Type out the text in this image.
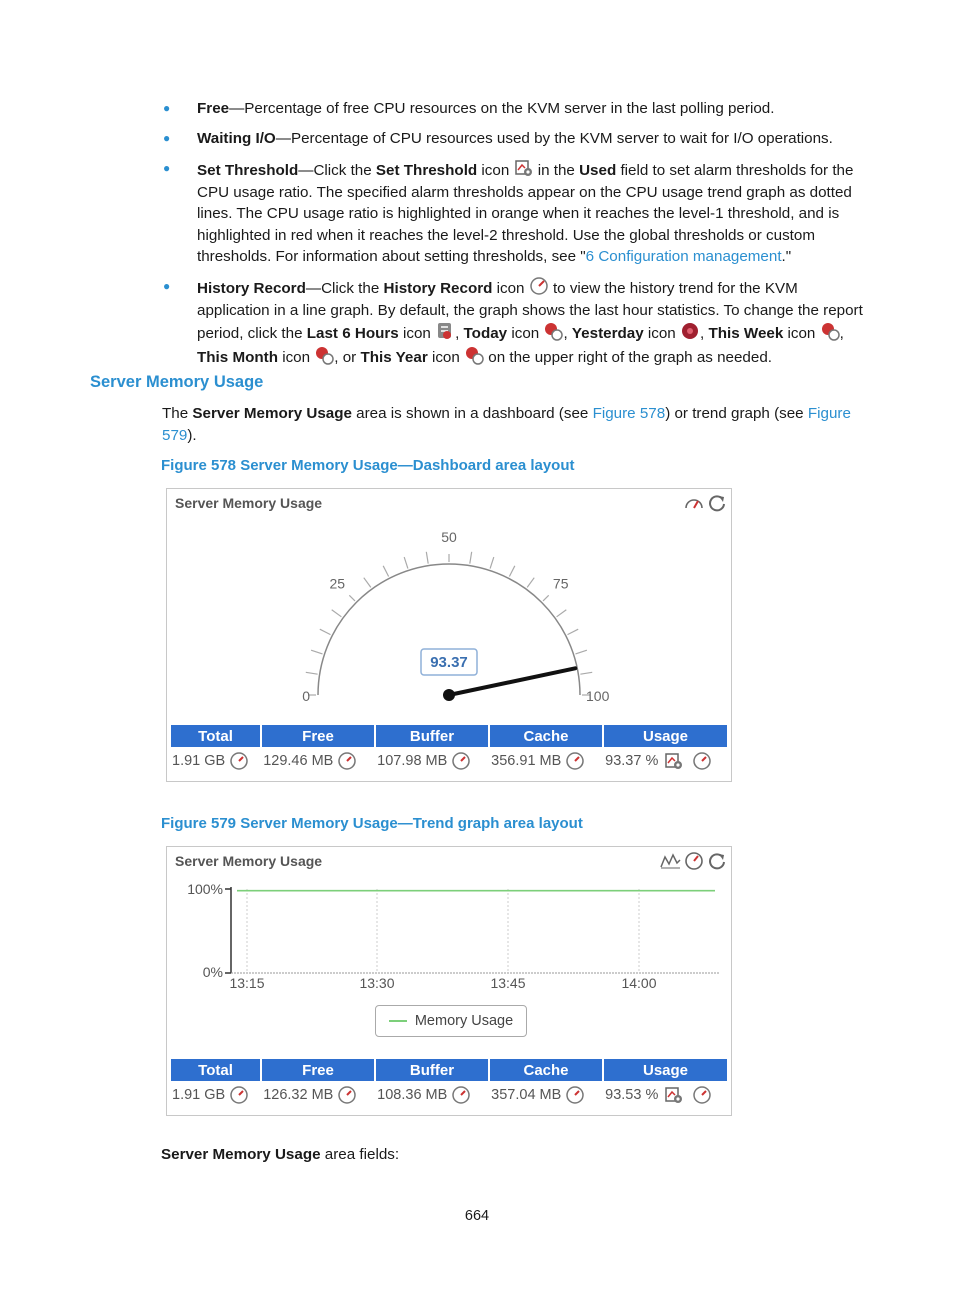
● Free—Percentage of free CPU resources on the KVM server in the last polling period.
● Waiting I/O—Percentage of CPU resources used by the KVM server to wait for I/O operations.
● Set Threshold—Click the Set Threshold icon  in the Used field to set alarm thresholds for the CPU usage ratio. The specified alarm thresholds appear on the CPU usage trend graph as dotted lines. The CPU usage ratio is highlighted in orange when it reaches the level-1 threshold, and is highlighted in red when it reaches the level-2 threshold. Use the global thresholds or custom thresholds. For information about setting thresholds, see "6 Configuration management."
● History Record—Click the History Record icon  to view the history trend for the KVM application in a line graph. By default, the graph shows the last hour statistics. To change the report period, click the Last 6 Hours icon , Today icon , Yesterday icon , This Week icon , This Month icon , or This Year icon  on the upper right of the graph as needed.
Server Memory Usage
The Server Memory Usage area is shown in a dashboard (see Figure 578) or trend graph (see Figure 579).
Figure 578 Server Memory Usage—Dashboard area layout
Server Memory Usage
0
25
50
75
100
93.37
Total	Free	Buffer	Cache	Usage
1.91 GB	129.46 MB	107.98 MB	356.91 MB	93.37 %
Figure 579 Server Memory Usage—Trend graph area layout
Server Memory Usage
100%
0%
13:15	13:30	13:45	14:00
Memory Usage
Total	Free	Buffer	Cache	Usage
1.91 GB	126.32 MB	108.36 MB	357.04 MB	93.53 %
Server Memory Usage area fields:
664
